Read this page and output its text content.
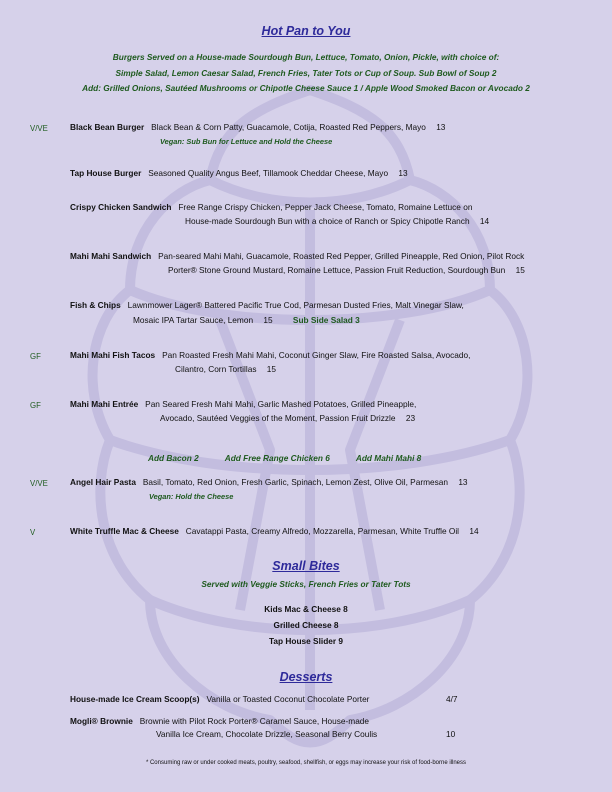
Hot Pan to You
Burgers Served on a House-made Sourdough Bun, Lettuce, Tomato, Onion, Pickle, with choice of:
Simple Salad, Lemon Caesar Salad, French Fries, Tater Tots or Cup of Soup. Sub Bowl of Soup 2
Add: Grilled Onions, Sautéed Mushrooms or Chipotle Cheese Sauce 1 / Apple Wood Smoked Bacon or Avocado 2
V/VE	Black Bean Burger Black Bean & Corn Patty, Guacamole, Cotija, Roasted Red Peppers, Mayo 13
Vegan: Sub Bun for Lettuce and Hold the Cheese
Tap House Burger Seasoned Quality Angus Beef, Tillamook Cheddar Cheese, Mayo 13
Crispy Chicken Sandwich Free Range Crispy Chicken, Pepper Jack Cheese, Tomato, Romaine Lettuce on
House-made Sourdough Bun with a choice of Ranch or Spicy Chipotle Ranch 14
Mahi Mahi Sandwich Pan-seared Mahi Mahi, Guacamole, Roasted Red Pepper, Grilled Pineapple, Red Onion, Pilot Rock
Porter® Stone Ground Mustard, Romaine Lettuce, Passion Fruit Reduction, Sourdough Bun 15
Fish & Chips Lawnmower Lager® Battered Pacific True Cod, Parmesan Dusted Fries, Malt Vinegar Slaw,
Mosaic IPA Tartar Sauce, Lemon 15 Sub Side Salad 3
GF	Mahi Mahi Fish Tacos Pan Roasted Fresh Mahi Mahi, Coconut Ginger Slaw, Fire Roasted Salsa, Avocado,
Cilantro, Corn Tortillas 15
GF	Mahi Mahi Entrée Pan Seared Fresh Mahi Mahi, Garlic Mashed Potatoes, Grilled Pineapple,
Avocado, Sautéed Veggies of the Moment, Passion Fruit Drizzle 23
Add Bacon 2	Add Free Range Chicken 6	Add Mahi Mahi 8
V/VE	Angel Hair Pasta Basil, Tomato, Red Onion, Fresh Garlic, Spinach, Lemon Zest, Olive Oil, Parmesan 13
Vegan: Hold the Cheese
V	White Truffle Mac & Cheese Cavatappi Pasta, Creamy Alfredo, Mozzarella, Parmesan, White Truffle Oil 14
Small Bites
Served with Veggie Sticks, French Fries or Tater Tots
Kids Mac & Cheese 8
Grilled Cheese 8
Tap House Slider 9
Desserts
House-made Ice Cream Scoop(s) Vanilla or Toasted Coconut Chocolate Porter	4/7
Mogli® Brownie Brownie with Pilot Rock Porter® Caramel Sauce, House-made
Vanilla Ice Cream, Chocolate Drizzle, Seasonal Berry Coulis	10
* Consuming raw or under cooked meats, poultry, seafood, shellfish, or eggs may increase your risk of food-borne illness
